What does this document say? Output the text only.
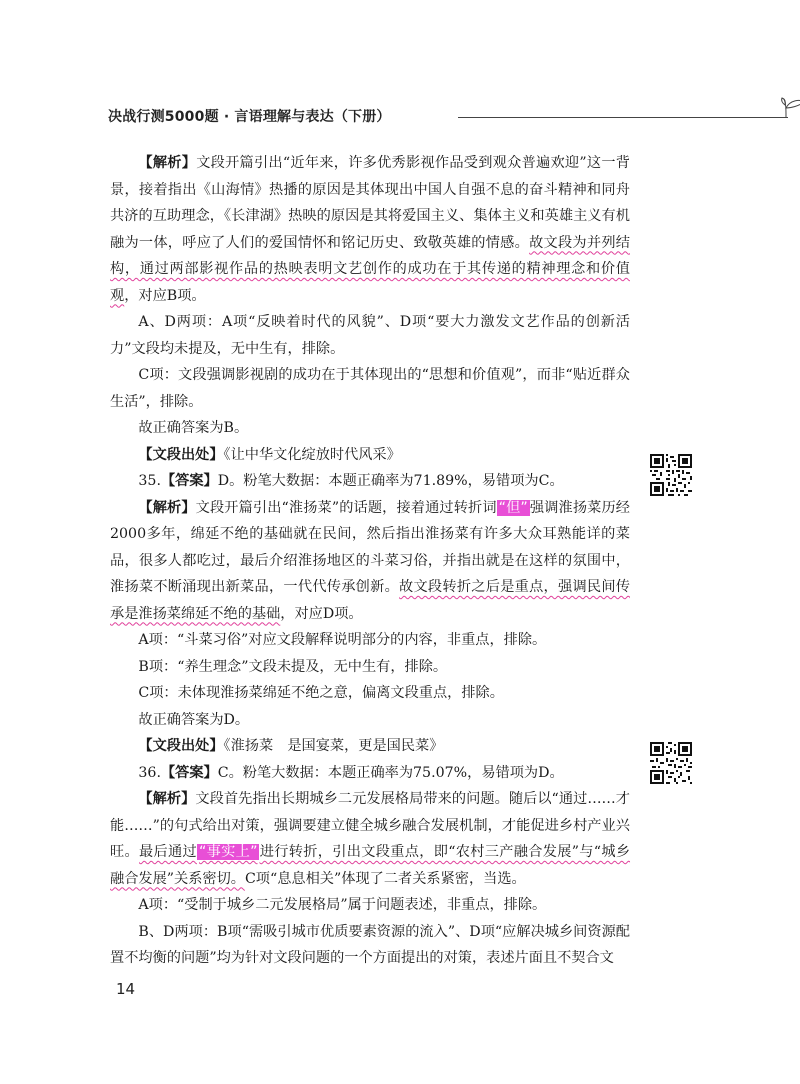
决战行测5000题 · 言语理解与表达（下册）

【解析】文段开篇引出“近年来，许多优秀影视作品受到观众普遍欢迎”这一背景，接着指出《山海情》热播的原因是其体现出中国人自强不息的奋斗精神和同舟共济的互助理念，《长津湖》热映的原因是其将爱国主义、集体主义和英雄主义有机融为一体，呼应了人们的爱国情怀和铭记历史、致敬英雄的情感。故文段为并列结构，通过两部影视作品的热映表明文艺创作的成功在于其传递的精神理念和价值观，对应B项。

A、D两项：A项“反映着时代的风貌”、D项“要大力激发文艺作品的创新活力”文段均未提及，无中生有，排除。

C项：文段强调影视剧的成功在于其体现出的“思想和价值观”，而非“贴近群众生活”，排除。

故正确答案为B。

【文段出处】《让中华文化绽放时代风采》

35.【答案】D。粉笔大数据：本题正确率为71.89%，易错项为C。

【解析】文段开篇引出“淮扬菜”的话题，接着通过转折词 “但” 强调淮扬菜历经2000多年，绵延不绝的基础就在民间，然后指出淮扬菜有许多大众耳熟能详的菜品，很多人都吃过，最后介绍淮扬地区的斗菜习俗，并指出就是在这样的氛围中，淮扬菜不断涌现出新菜品，一代代传承创新。故文段转折之后是重点，强调民间传承是淮扬菜绵延不绝的基础，对应D项。

A项：“斗菜习俗”对应文段解释说明部分的内容，非重点，排除。

B项：“养生理念”文段未提及，无中生有，排除。

C项：未体现淮扬菜绵延不绝之意，偏离文段重点，排除。

故正确答案为D。

【文段出处】《淮扬菜　是国宴菜，更是国民菜》

36.【答案】C。粉笔大数据：本题正确率为75.07%，易错项为D。

【解析】文段首先指出长期城乡二元发展格局带来的问题。随后以“通过……才能……”的句式给出对策，强调要建立健全城乡融合发展机制，才能促进乡村产业兴旺。最后通过 “事实上” 进行转折，引出文段重点，即“农村三产融合发展”与“城乡融合发展”关系密切。C项“息息相关”体现了二者关系紧密，当选。

A项：“受制于城乡二元发展格局”属于问题表述，非重点，排除。

B、D两项：B项“需吸引城市优质要素资源的流入”、D项“应解决城乡间资源配置不均衡的问题”均为针对文段问题的一个方面提出的对策，表述片面且不契合文

14
